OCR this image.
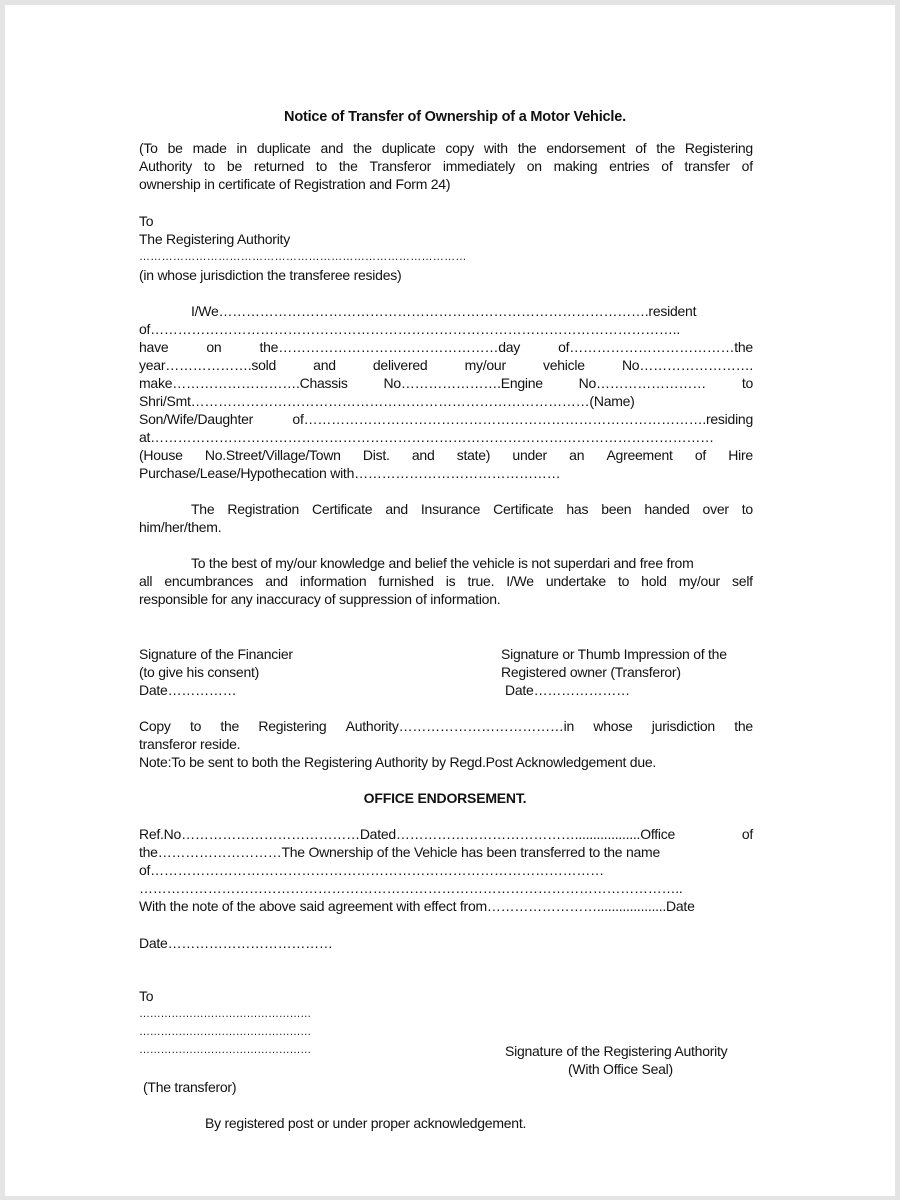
Notice of Transfer of Ownership of a Motor Vehicle.
(To be made in duplicate and the duplicate copy with the endorsement of the Registering
Authority to be returned to the Transferor immediately on making entries of transfer of
ownership in certificate of Registration and Form 24)
To
The Registering Authority
……………………………………………………………………………
(in whose jurisdiction the transferee resides)
I/We………………………………………………………………………………….resident
of……………………………………………………………………………………………………..
have	on	the…………………………………………day	of………………………………the
year……………….sold	and	delivered	my/our	vehicle	No…………………….
make……………………….Chassis	No………………….Engine	No……………………	to
Shri/Smt……………………………………………………………………………(Name)
Son/Wife/Daughter	of…………………………………………………………………………….residing
at……………………………………………………………………………………………………………
(House No.Street/Village/Town Dist. and state) under an Agreement of Hire
Purchase/Lease/Hypothecation with………………………………………
The Registration Certificate and Insurance Certificate has been handed over to
him/her/them.
To the best of my/our knowledge and belief the vehicle is not superdari and free from
all encumbrances and information furnished is true. I/We undertake to hold my/our self
responsible for any inaccuracy of suppression of information.
Signature of the Financier
(to give his consent)
Date……………
Signature or Thumb Impression of the
Registered owner (Transferor)
Date…………………
Copy to the Registering Authority………………………………in whose jurisdiction the
transferor reside.
Note:To be sent to both the Registering Authority by Regd.Post Acknowledgement due.
OFFICE ENDORSEMENT.
Ref.No…………………………………Dated…………………………………..................Office	of
the………………………The Ownership of the Vehicle has been transferred to the name
of………………………………………………………………………………………
………………………………………………………………………………………………………..
With the note of the above said agreement with effect from……………………...................Date
Date………………………………
To
…………………………………………
…………………………………………
…………………………………………	Signature of the Registering Authority
(With Office Seal)
(The transferor)
By registered post or under proper acknowledgement.
